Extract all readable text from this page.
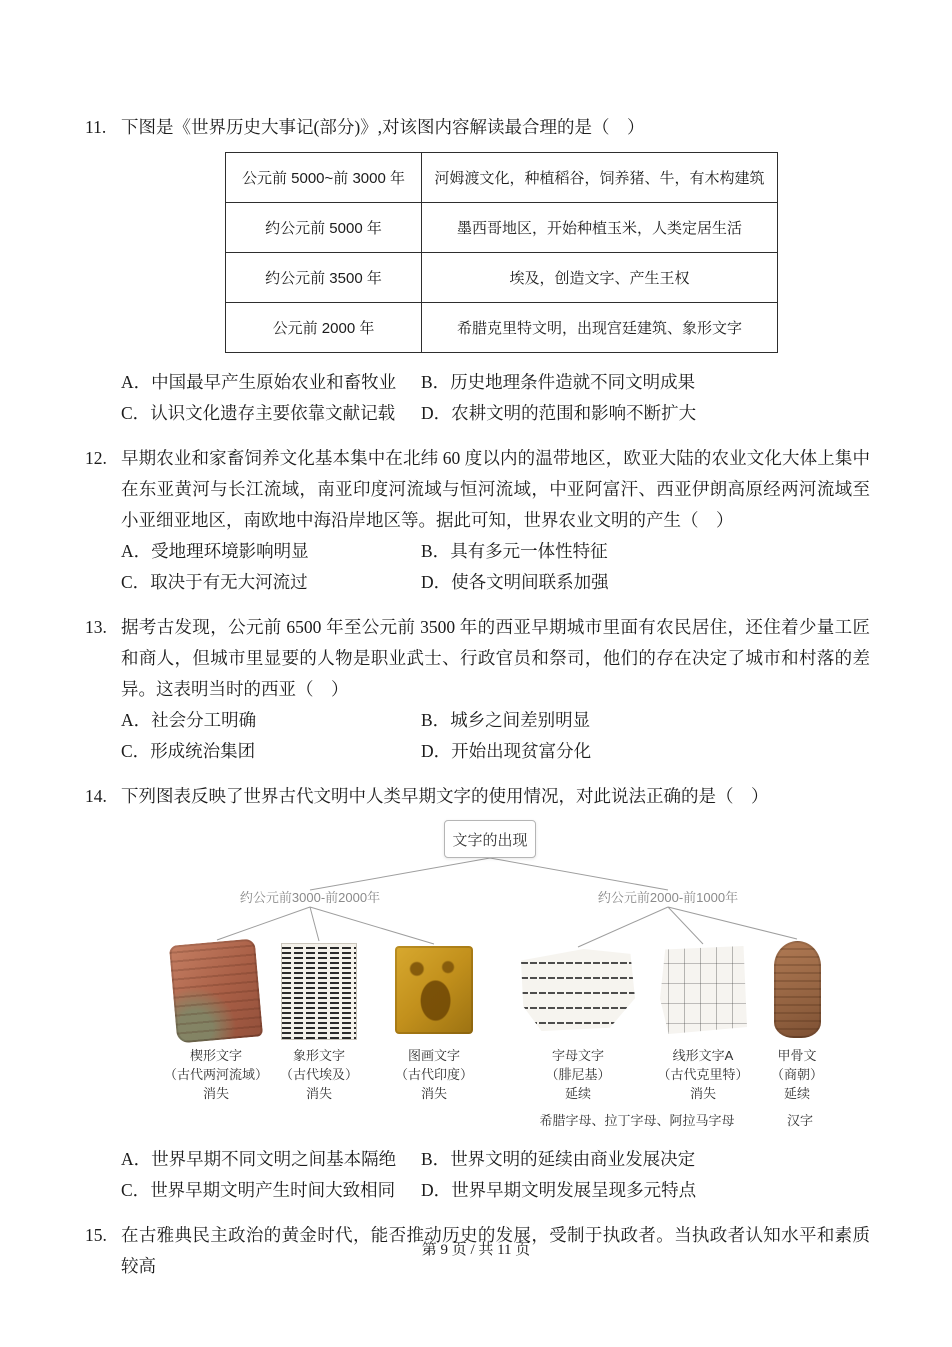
11. 下图是《世界历史大事记(部分)》,对该图内容解读最合理的是（　）
公元前 5000~前 3000 年	河姆渡文化，种植稻谷，饲养猪、牛，有木构建筑
约公元前 5000 年	墨西哥地区，开始种植玉米，人类定居生活
约公元前 3500 年	埃及，创造文字、产生王权
公元前 2000 年	希腊克里特文明，出现宫廷建筑、象形文字
A． 中国最早产生原始农业和畜牧业 B． 历史地理条件造就不同文明成果
C． 认识文化遗存主要依靠文献记载 D． 农耕文明的范围和影响不断扩大
12. 早期农业和家畜饲养文化基本集中在北纬 60 度以内的温带地区，欧亚大陆的农业文化大体上集中在东亚黄河与长江流域，南亚印度河流域与恒河流域，中亚阿富汗、西亚伊朗高原经两河流域至小亚细亚地区，南欧地中海沿岸地区等。据此可知，世界农业文明的产生（　）
A． 受地理环境影响明显	B． 具有多元一体性特征
C． 取决于有无大河流过	D． 使各文明间联系加强
13. 据考古发现，公元前 6500 年至公元前 3500 年的西亚早期城市里面有农民居住，还住着少量工匠和商人，但城市里显要的人物是职业武士、行政官员和祭司，他们的存在决定了城市和村落的差异。这表明当时的西亚（　）
A． 社会分工明确	B． 城乡之间差别明显
C． 形成统治集团	D． 开始出现贫富分化
14. 下列图表反映了世界古代文明中人类早期文字的使用情况，对此说法正确的是（　）
文字的出现
约公元前3000-前2000年	约公元前2000-前1000年
楔形文字
（古代两河流域）
消失
象形文字
（古代埃及）
消失
图画文字
（古代印度）
消失
字母文字
（腓尼基）
延续
线形文字A
（古代克里特）
消失
甲骨文
（商朝）
延续
希腊字母、拉丁字母、阿拉马字母	汉字
A． 世界早期不同文明之间基本隔绝 B． 世界文明的延续由商业发展决定
C． 世界早期文明产生时间大致相同 D． 世界早期文明发展呈现多元特点
15. 在古雅典民主政治的黄金时代，能否推动历史的发展，受制于执政者。当执政者认知水平和素质较高
第 9 页 / 共 11 页
